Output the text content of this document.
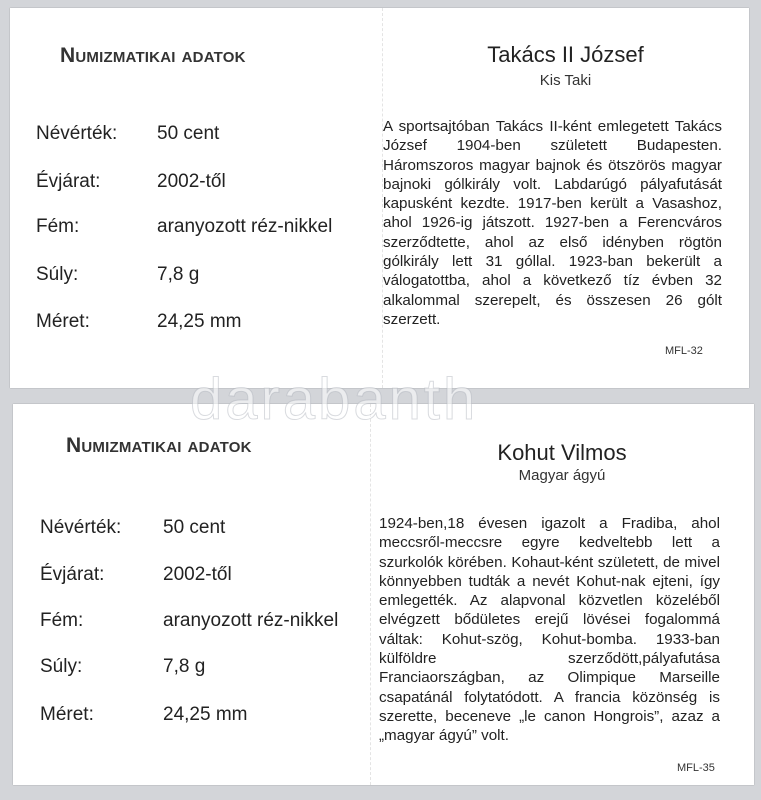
Numizmatikai adatok
Névérték: 50 cent
Évjárat:	2002-től
Fém:	aranyozott réz-nikkel
Súly:	7,8 g
Méret:	24,25 mm
Takács II József
Kis Taki
A sportsajtóban Takács II-ként emlegetett Takács József 1904-ben született Budapesten. Háromszoros magyar bajnok és ötszörös magyar bajnoki gólkirály volt. Labdarúgó pályafutását kapusként kezdte. 1917-ben került a Vasashoz, ahol 1926-ig játszott. 1927-ben a Ferencváros szerződtette, ahol az első idényben rögtön gólkirály lett 31 góllal. 1923-ban bekerült a válogatottba, ahol a következő tíz évben 32 alkalommal szerepelt, és összesen 26 gólt szerzett.
MFL-32
Numizmatikai adatok
Névérték: 50 cent
Évjárat:	2002-től
Fém:	aranyozott réz-nikkel
Súly:	7,8 g
Méret:	24,25 mm
Kohut Vilmos
Magyar ágyú
1924-ben,18 évesen igazolt a Fradiba, ahol meccsről-meccsre egyre kedveltebb lett a szurkolók körében. Kohaut-ként született, de mivel könnyebben tudták a nevét Kohut-nak ejteni, így emlegették. Az alapvonal közvetlen közeléből elvégzett bődületes erejű lövései fogalommá váltak: Kohut-szög, Kohut-bomba. 1933-ban külföldre szerződött,pályafutása Franciaországban, az Olimpique Marseille csapatánál folytatódott. A francia közönség is szerette, beceneve „le canon Hongrois”, azaz a „magyar ágyú” volt.
MFL-35
darabanth
